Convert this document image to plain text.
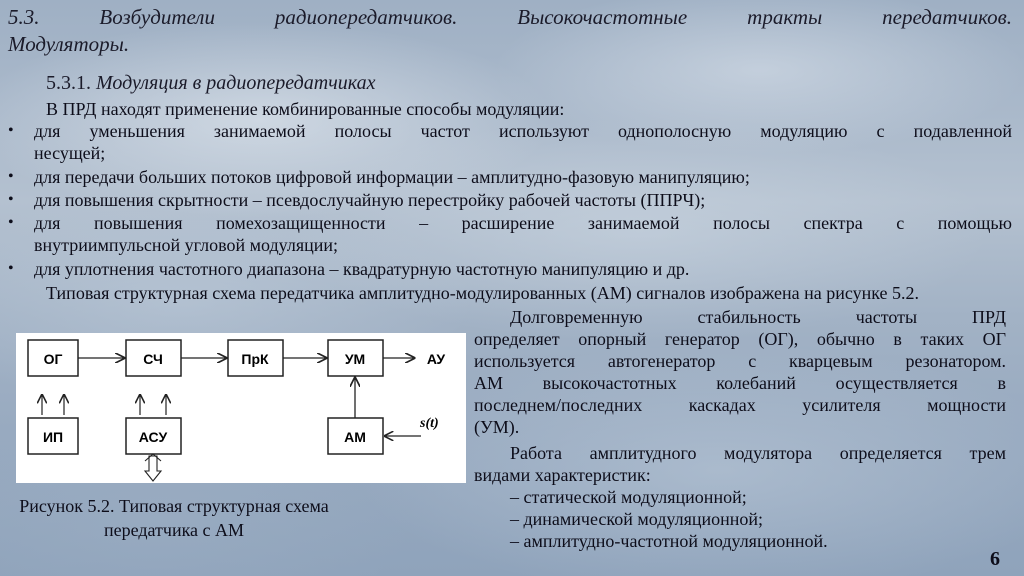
5.3. Возбудители радиопередатчиков. Высокочастотные тракты передатчиков. Модуляторы.
5.3.1. Модуляция в радиопередатчиках
В ПРД находят применение комбинированные способы модуляции:
•	для уменьшения занимаемой полосы частот используют однополосную модуляцию с подавленной
несущей;
•	для передачи больших потоков цифровой информации – амплитудно-фазовую манипуляцию;
•	для повышения скрытности – псевдослучайную перестройку рабочей частоты (ППРЧ);
•	для повышения помехозащищенности – расширение занимаемой полосы спектра с помощью
внутриимпульсной угловой модуляции;
•	для уплотнения частотного диапазона – квадратурную частотную манипуляцию и др.
Типовая структурная схема передатчика амплитудно-модулированных (АМ) сигналов изображена на рисунке 5.2.

Долговременную стабильность частоты ПРД
определяет опорный генератор (ОГ), обычно в таких ОГ
используется автогенератор с кварцевым резонатором.
АМ высокочастотных колебаний осуществляется в
последнем/последних каскадах усилителя мощности
(УМ).

Работа амплитудного модулятора определяется трем
видами характеристик:

– статической модуляционной;
– динамической модуляционной;
– амплитудно-частотной модуляционной.
ОГ	СЧ	ПрК	УМ	АУ
ИП	АСУ	АМ
s(t)
Рисунок 5.2. Типовая структурная схема передатчика с АМ
6
